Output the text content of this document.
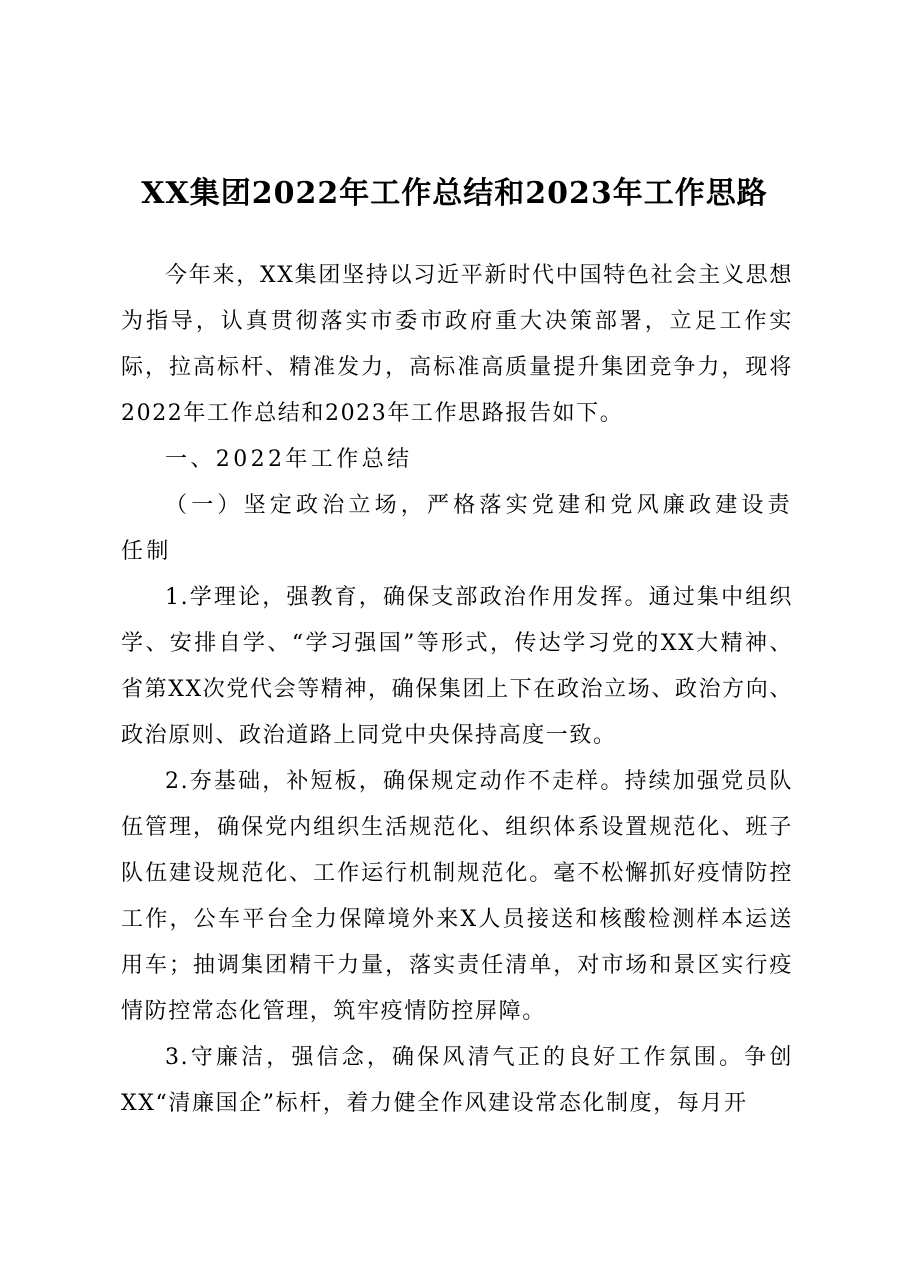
XX集团2022年工作总结和2023年工作思路

今年来，XX集团坚持以习近平新时代中国特色社会主义思想为指导，认真贯彻落实市委市政府重大决策部署，立足工作实际，拉高标杆、精准发力，高标准高质量提升集团竞争力，现将2022年工作总结和2023年工作思路报告如下。

一、2022年工作总结

（一）坚定政治立场，严格落实党建和党风廉政建设责任制

1.学理论，强教育，确保支部政治作用发挥。通过集中组织学、安排自学、“学习强国”等形式，传达学习党的XX大精神、省第XX次党代会等精神，确保集团上下在政治立场、政治方向、政治原则、政治道路上同党中央保持高度一致。

2.夯基础，补短板，确保规定动作不走样。持续加强党员队伍管理，确保党内组织生活规范化、组织体系设置规范化、班子队伍建设规范化、工作运行机制规范化。毫不松懈抓好疫情防控工作，公车平台全力保障境外来X人员接送和核酸检测样本运送用车；抽调集团精干力量，落实责任清单，对市场和景区实行疫情防控常态化管理，筑牢疫情防控屏障。

3.守廉洁，强信念，确保风清气正的良好工作氛围。争创XX“清廉国企”标杆，着力健全作风建设常态化制度，每月开
